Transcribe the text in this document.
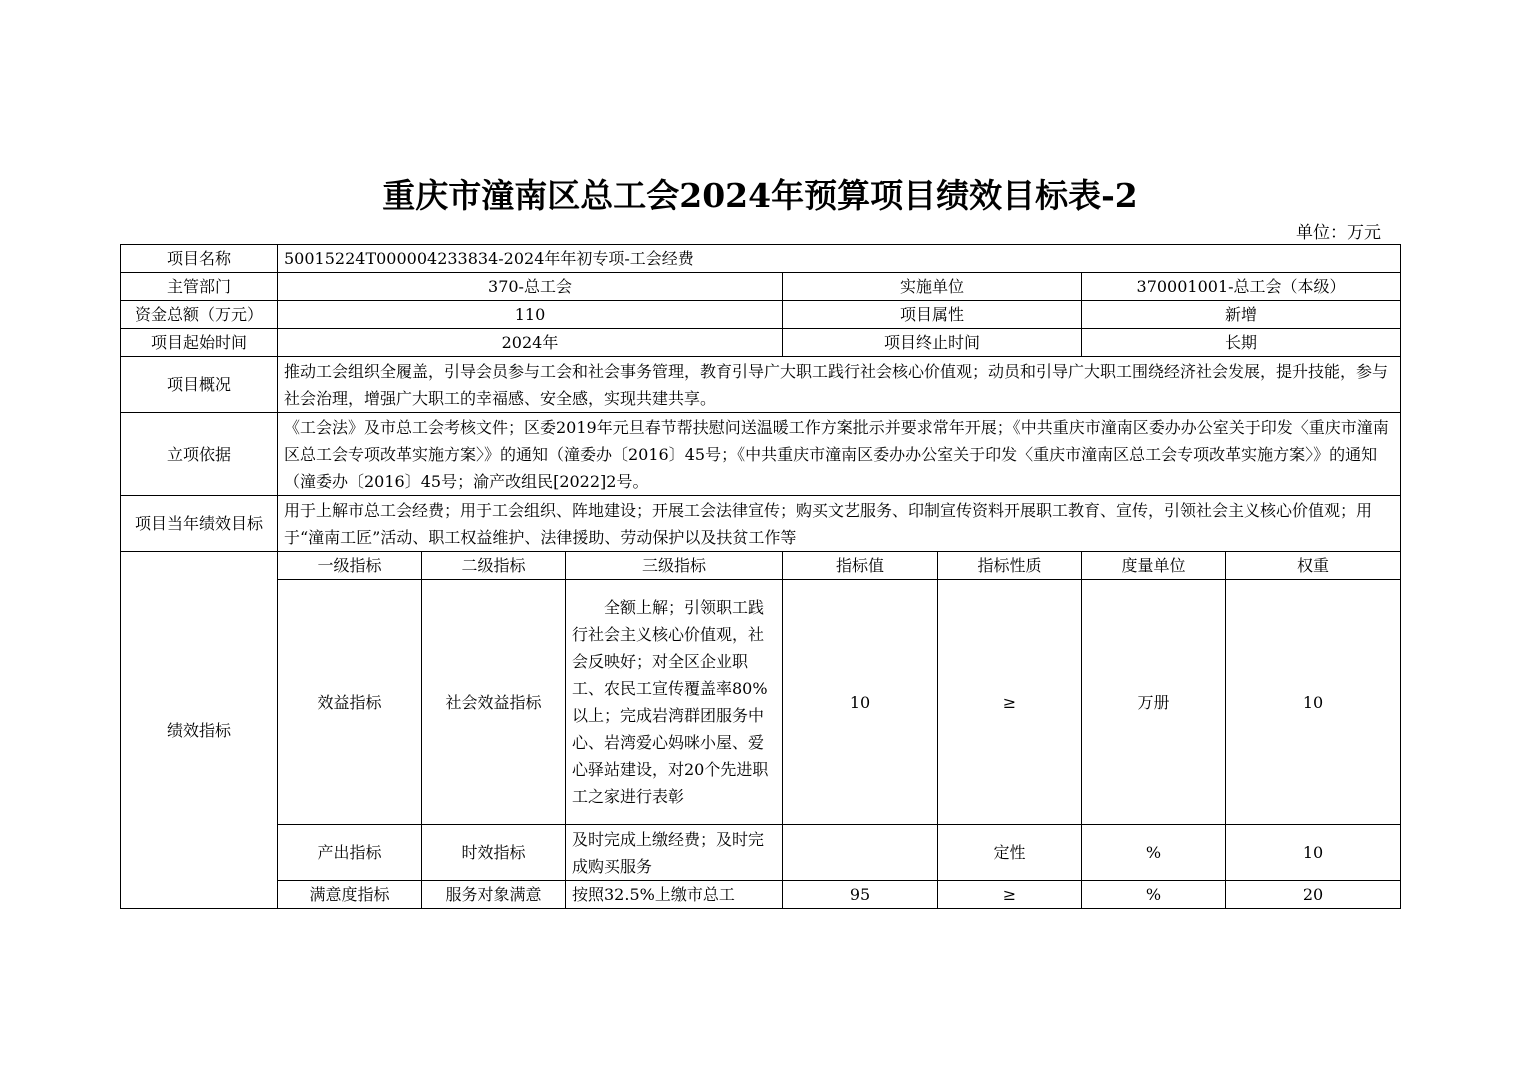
重庆市潼南区总工会2024年预算项目绩效目标表-2
单位：万元
项目名称	50015224T000004233834-2024年年初专项-工会经费						
主管部门	370-总工会			实施单位		370001001-总工会（本级）	
资金总额（万元）	110			项目属性		新增	
项目起始时间	2024年			项目终止时间		长期	
项目概况	推动工会组织全履盖，引导会员参与工会和社会事务管理，教育引导广大职工践行社会核心价值观；动员和引导广大职工围绕经济社会发展，提升技能，参与社会治理，增强广大职工的幸福感、安全感，实现共建共享。						
立项依据	《工会法》及市总工会考核文件；区委2019年元旦春节帮扶慰问送温暖工作方案批示并要求常年开展；《中共重庆市潼南区委办办公室关于印发〈重庆市潼南区总工会专项改革实施方案〉》的通知（潼委办〔2016〕45号；《中共重庆市潼南区委办办公室关于印发〈重庆市潼南区总工会专项改革实施方案〉》的通知（潼委办〔2016〕45号；渝产改组民[2022]2号。						
项目当年绩效目标	用于上解市总工会经费；用于工会组织、阵地建设；开展工会法律宣传；购买文艺服务、印制宣传资料开展职工教育、宣传，引领社会主义核心价值观；用于“潼南工匠”活动、职工权益维护、法律援助、劳动保护以及扶贫工作等						
绩效指标	一级指标	二级指标	三级指标	指标值	指标性质	度量单位	权重
	效益指标	社会效益指标	全额上解；引领职工践行社会主义核心价值观，社会反映好；对全区企业职工、农民工宣传覆盖率80%以上；完成岩湾群团服务中心、岩湾爱心妈咪小屋、爱心驿站建设，对20个先进职工之家进行表彰	10	≥	万册	10
	产出指标	时效指标	及时完成上缴经费；及时完成购买服务		定性	%	10
	满意度指标	服务对象满意	按照32.5%上缴市总工	95	≥	%	20
